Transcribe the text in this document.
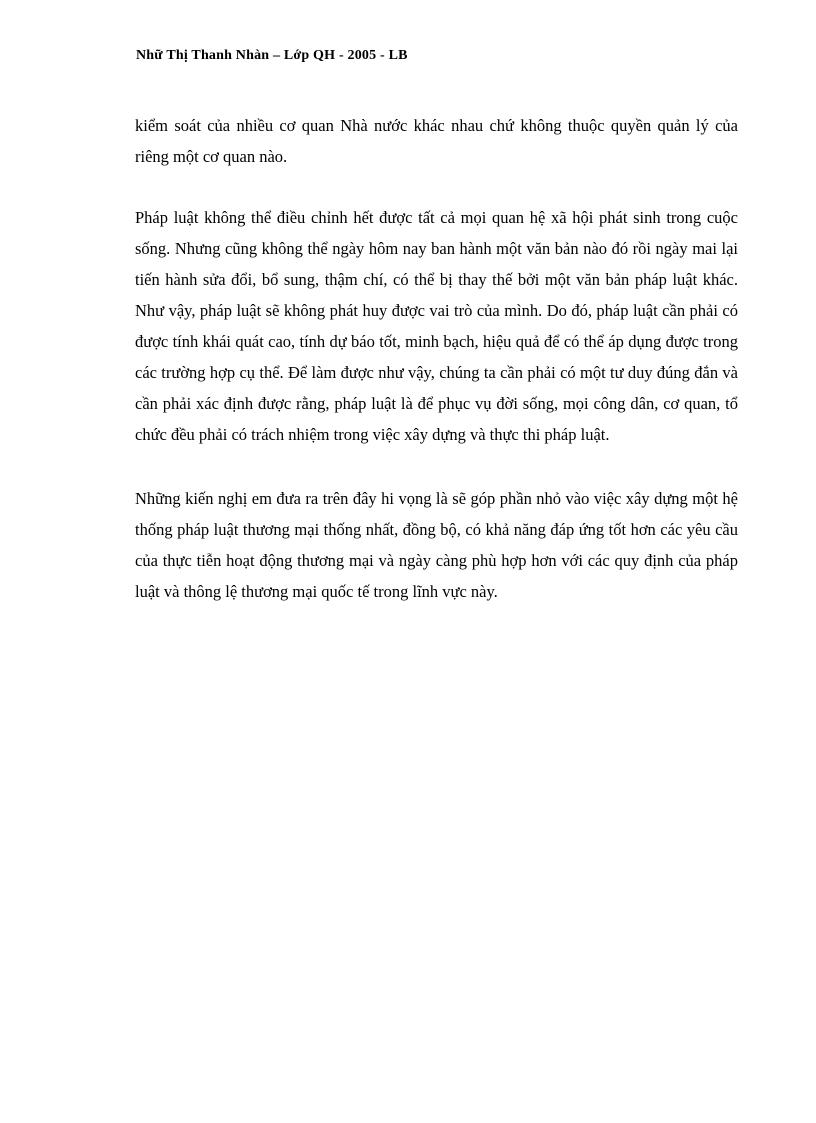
Nhữ Thị Thanh Nhàn – Lớp QH - 2005 - LB

kiểm soát của nhiều cơ quan Nhà nước khác nhau chứ không thuộc quyền quản lý của riêng một cơ quan nào.

Pháp luật không thể điều chỉnh hết được tất cả mọi quan hệ xã hội phát sinh trong cuộc sống. Nhưng cũng không thể ngày hôm nay ban hành một văn bản nào đó rồi ngày mai lại tiến hành sửa đổi, bổ sung, thậm chí, có thể bị thay thế bởi một văn bản pháp luật khác. Như vậy, pháp luật sẽ không phát huy được vai trò của mình. Do đó, pháp luật cần phải có được tính khái quát cao, tính dự báo tốt, minh bạch, hiệu quả để có thể áp dụng được trong các trường hợp cụ thể. Để làm được như vậy, chúng ta cần phải có một tư duy đúng đắn và cần phải xác định được rằng, pháp luật là để phục vụ đời sống, mọi công dân, cơ quan, tổ chức đều phải có trách nhiệm trong việc xây dựng và thực thi pháp luật.

Những kiến nghị em đưa ra trên đây hi vọng là sẽ góp phần nhỏ vào việc xây dựng một hệ thống pháp luật thương mại thống nhất, đồng bộ, có khả năng đáp ứng tốt hơn các yêu cầu của thực tiễn hoạt động thương mại và ngày càng phù hợp hơn với các quy định của pháp luật và thông lệ thương mại quốc tế trong lĩnh vực này.
